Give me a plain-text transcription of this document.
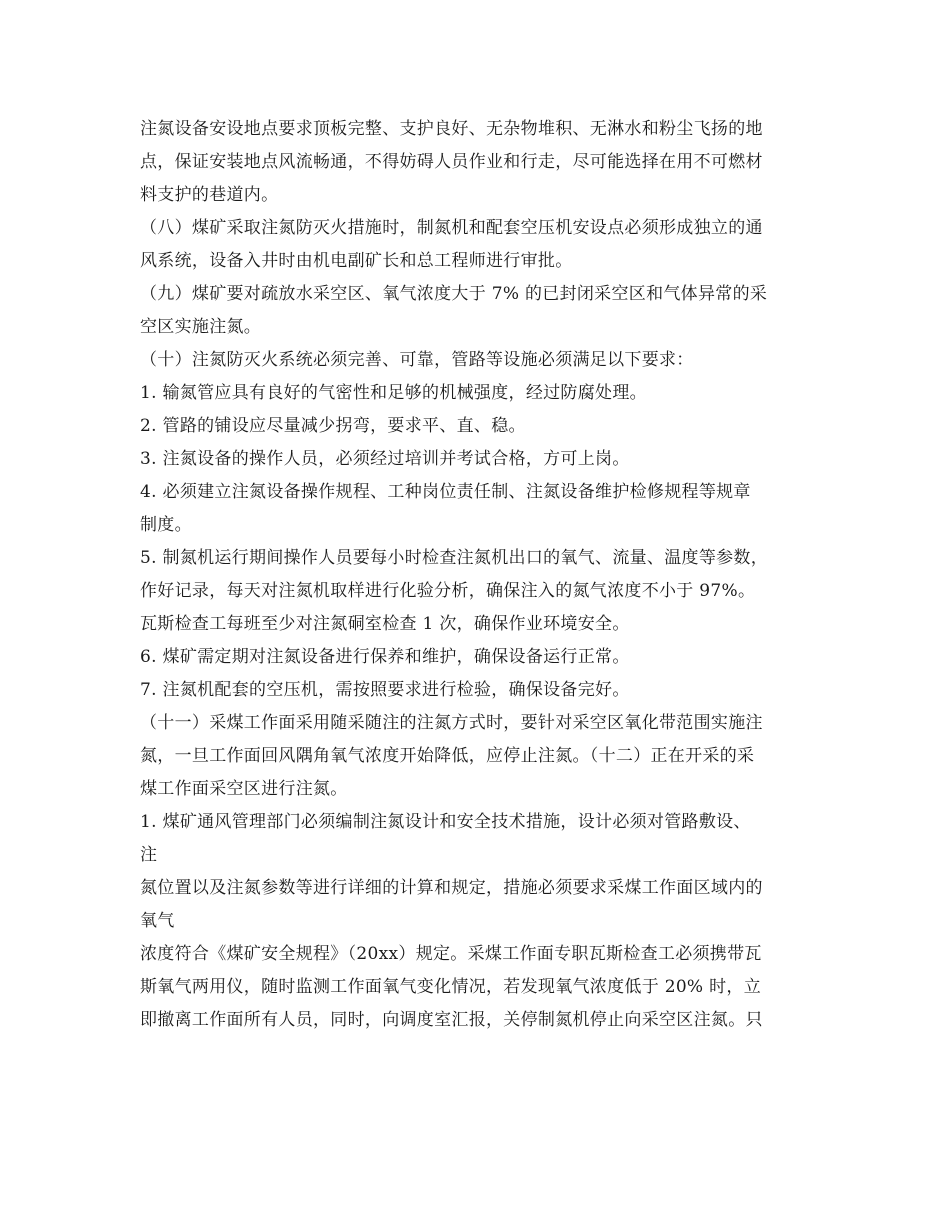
注氮设备安设地点要求顶板完整、支护良好、无杂物堆积、无淋水和粉尘飞扬的地
点，保证安装地点风流畅通，不得妨碍人员作业和行走，尽可能选择在用不可燃材
料支护的巷道内。
（八）煤矿采取注氮防灭火措施时，制氮机和配套空压机安设点必须形成独立的通
风系统，设备入井时由机电副矿长和总工程师进行审批。
（九）煤矿要对疏放水采空区、氧气浓度大于 7% 的已封闭采空区和气体异常的采
空区实施注氮。
（十）注氮防灭火系统必须完善、可靠，管路等设施必须满足以下要求：
1. 输氮管应具有良好的气密性和足够的机械强度，经过防腐处理。
2. 管路的铺设应尽量减少拐弯，要求平、直、稳。
3. 注氮设备的操作人员，必须经过培训并考试合格，方可上岗。
4. 必须建立注氮设备操作规程、工种岗位责任制、注氮设备维护检修规程等规章
制度。
5. 制氮机运行期间操作人员要每小时检查注氮机出口的氧气、流量、温度等参数，
作好记录，每天对注氮机取样进行化验分析，确保注入的氮气浓度不小于 97%。
瓦斯检查工每班至少对注氮硐室检查 1 次，确保作业环境安全。
6. 煤矿需定期对注氮设备进行保养和维护，确保设备运行正常。
7. 注氮机配套的空压机，需按照要求进行检验，确保设备完好。
（十一）采煤工作面采用随采随注的注氮方式时，要针对采空区氧化带范围实施注
氮，一旦工作面回风隅角氧气浓度开始降低，应停止注氮。（十二）正在开采的采
煤工作面采空区进行注氮。
1. 煤矿通风管理部门必须编制注氮设计和安全技术措施，设计必须对管路敷设、
注
氮位置以及注氮参数等进行详细的计算和规定，措施必须要求采煤工作面区域内的
氧气
浓度符合《煤矿安全规程》（20xx）规定。采煤工作面专职瓦斯检查工必须携带瓦
斯氧气两用仪，随时监测工作面氧气变化情况，若发现氧气浓度低于 20% 时，立
即撤离工作面所有人员，同时，向调度室汇报，关停制氮机停止向采空区注氮。只
